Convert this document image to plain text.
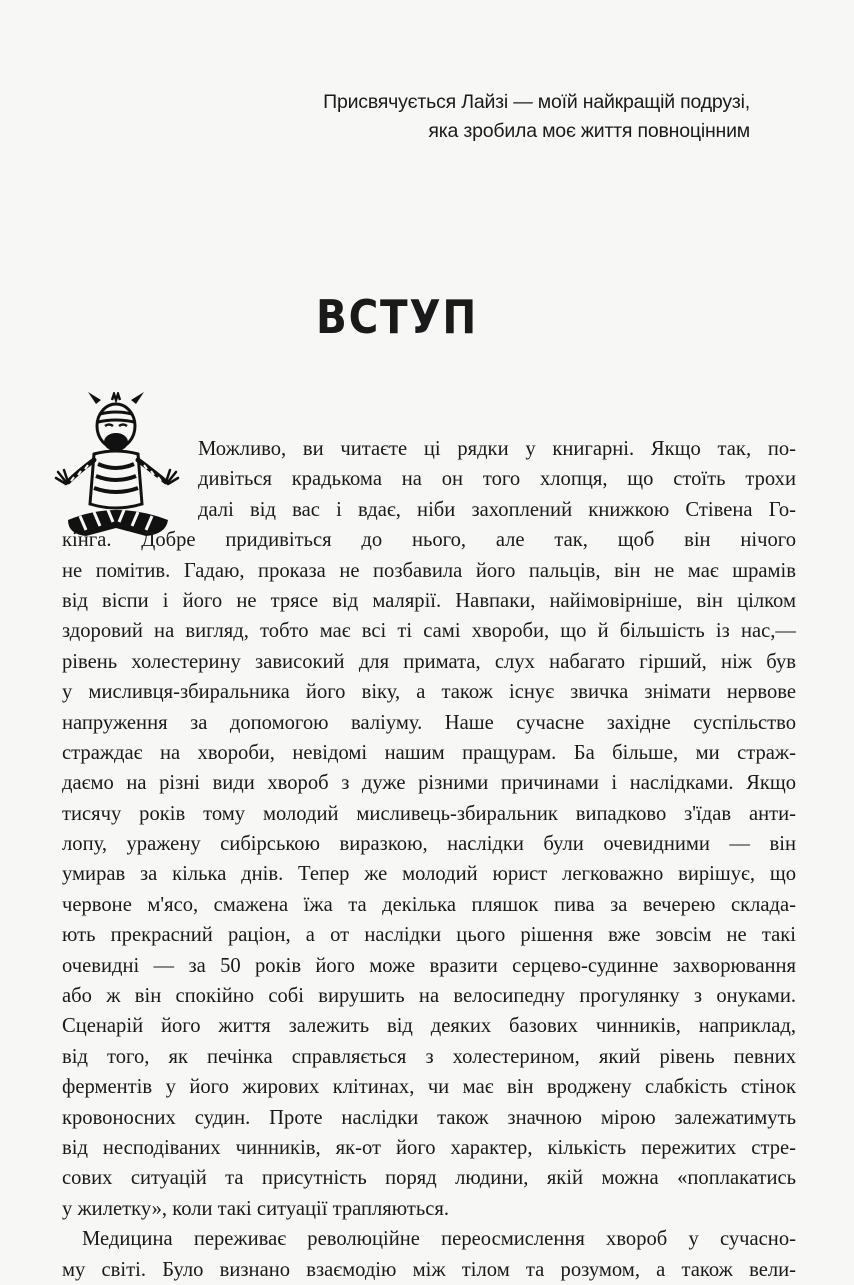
Присвячується Лайзі — моїй найкращій подрузі,
яка зробила моє життя повноцінним
ВСТУП
Можливо, ви читаєте ці рядки у книгарні. Якщо так, по-
дивіться крадькома на он того хлопця, що стоїть трохи
далі від вас і вдає, ніби захоплений книжкою Стівена Го-
кінга. Добре придивіться до нього, але так, щоб він нічого
не помітив. Гадаю, проказа не позбавила його пальців, він не має шрамів
від віспи і його не трясе від малярії. Навпаки, найімовірніше, він цілком
здоровий на вигляд, тобто має всі ті самі хвороби, що й більшість із нас,—
рівень холестерину зависокий для примата, слух набагато гірший, ніж був
у мисливця-збиральника його віку, а також існує звичка знімати нервове
напруження за допомогою валіуму. Наше сучасне західне суспільство
страждає на хвороби, невідомі нашим пращурам. Ба більше, ми страж-
даємо на різні види хвороб з дуже різними причинами і наслідками. Якщо
тисячу років тому молодий мисливець-збиральник випадково з'їдав анти-
лопу, уражену сибірською виразкою, наслідки були очевидними — він
умирав за кілька днів. Тепер же молодий юрист легковажно вирішує, що
червоне м'ясо, смажена їжа та декілька пляшок пива за вечерею склада-
ють прекрасний раціон, а от наслідки цього рішення вже зовсім не такі
очевидні — за 50 років його може вразити серцево-судинне захворювання
або ж він спокійно собі вирушить на велосипедну прогулянку з онуками.
Сценарій його життя залежить від деяких базових чинників, наприклад,
від того, як печінка справляється з холестерином, який рівень певних
ферментів у його жирових клітинах, чи має він вроджену слабкість стінок
кровоносних судин. Проте наслідки також значною мірою залежатимуть
від несподіваних чинників, як-от його характер, кількість пережитих стре-
сових ситуацій та присутність поряд людини, якій можна «поплакатись
у жилетку», коли такі ситуації трапляються.
Медицина переживає революційне переосмислення хвороб у сучасно-
му світі. Було визнано взаємодію між тілом та розумом, а також вели-
